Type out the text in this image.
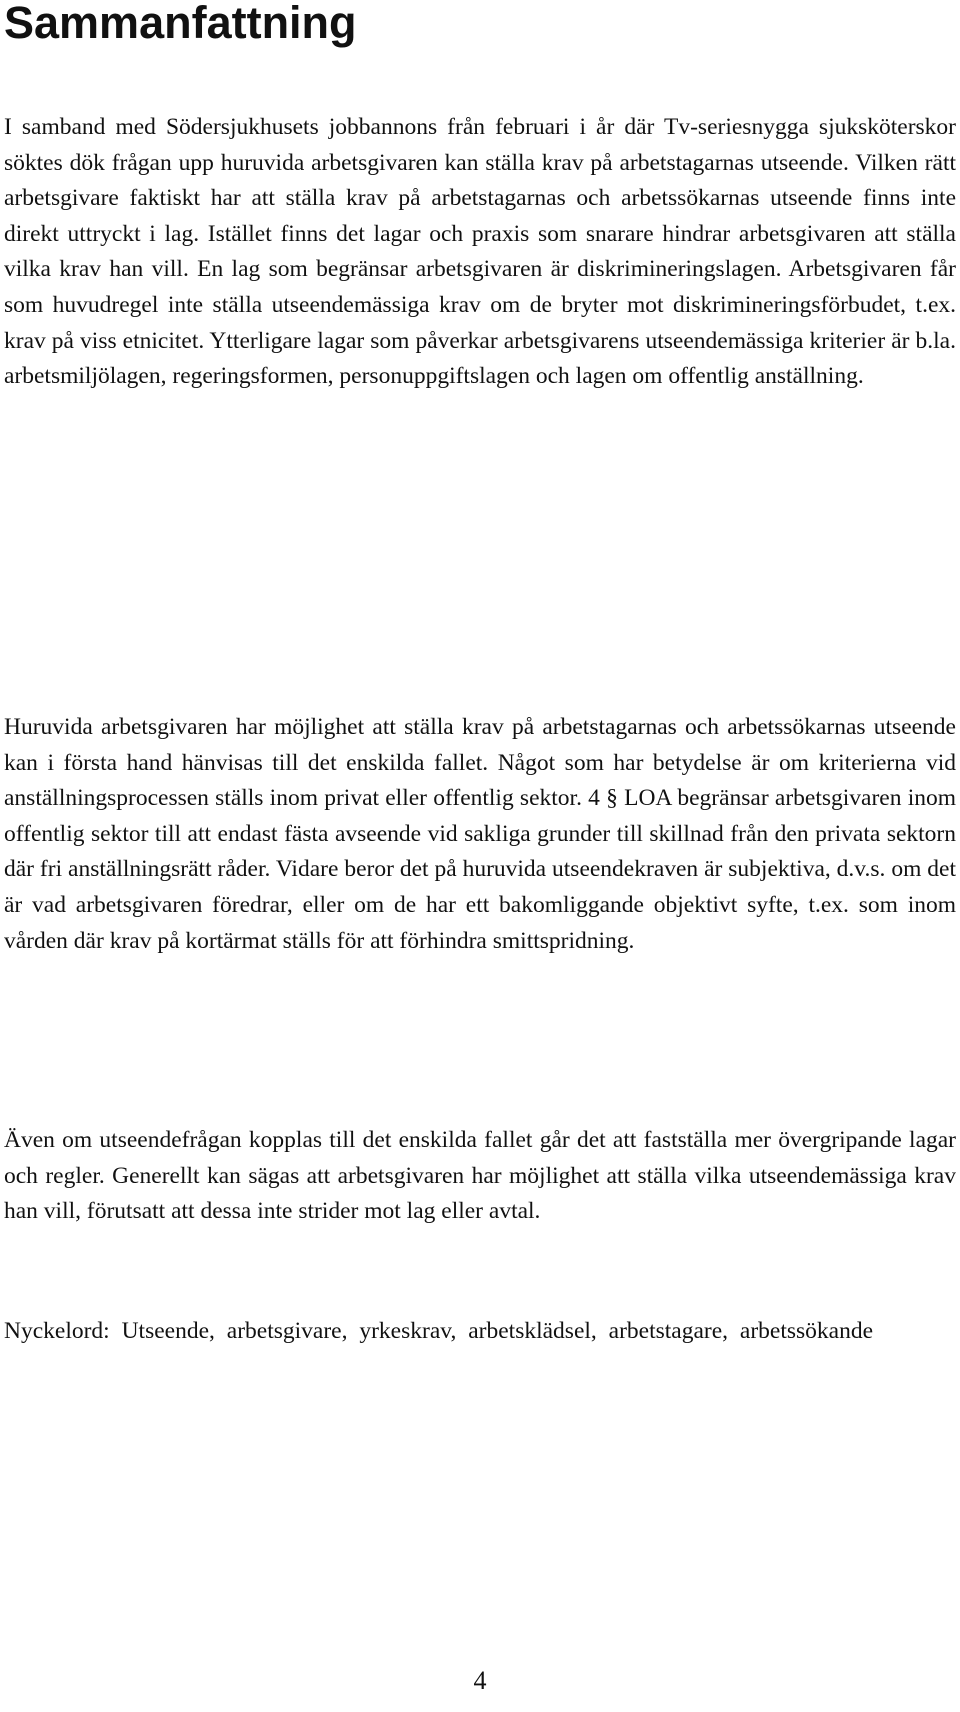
Sammanfattning

I samband med Södersjukhusets jobbannons från februari i år där Tv-seriesnygga sjuksköterskor söktes dök frågan upp huruvida arbetsgivaren kan ställa krav på arbetstagarnas utseende. Vilken rätt arbetsgivare faktiskt har att ställa krav på arbetstagarnas och arbetssökarnas utseende finns inte direkt uttryckt i lag. Istället finns det lagar och praxis som snarare hindrar arbetsgivaren att ställa vilka krav han vill. En lag som begränsar arbetsgivaren är diskrimineringslagen. Arbetsgivaren får som huvudregel inte ställa utseendemässiga krav om de bryter mot diskrimineringsförbudet, t.ex. krav på viss etnicitet. Ytterligare lagar som påverkar arbetsgivarens utseendemässiga kriterier är b.la. arbetsmiljölagen, regeringsformen, personuppgiftslagen och lagen om offentlig anställning.

Huruvida arbetsgivaren har möjlighet att ställa krav på arbetstagarnas och arbetssökarnas utseende kan i första hand hänvisas till det enskilda fallet. Något som har betydelse är om kriterierna vid anställningsprocessen ställs inom privat eller offentlig sektor. 4 § LOA begränsar arbetsgivaren inom offentlig sektor till att endast fästa avseende vid sakliga grunder till skillnad från den privata sektorn där fri anställningsrätt råder. Vidare beror det på huruvida utseendekraven är subjektiva, d.v.s. om det är vad arbetsgivaren föredrar, eller om de har ett bakomliggande objektivt syfte, t.ex. som inom vården där krav på kortärmat ställs för att förhindra smittspridning.

Även om utseendefrågan kopplas till det enskilda fallet går det att fastställa mer övergripande lagar och regler. Generellt kan sägas att arbetsgivaren har möjlighet att ställa vilka utseendemässiga krav han vill, förutsatt att dessa inte strider mot lag eller avtal.

Nyckelord: Utseende, arbetsgivare, yrkeskrav, arbetsklädsel, arbetstagare, arbetssökande

4
